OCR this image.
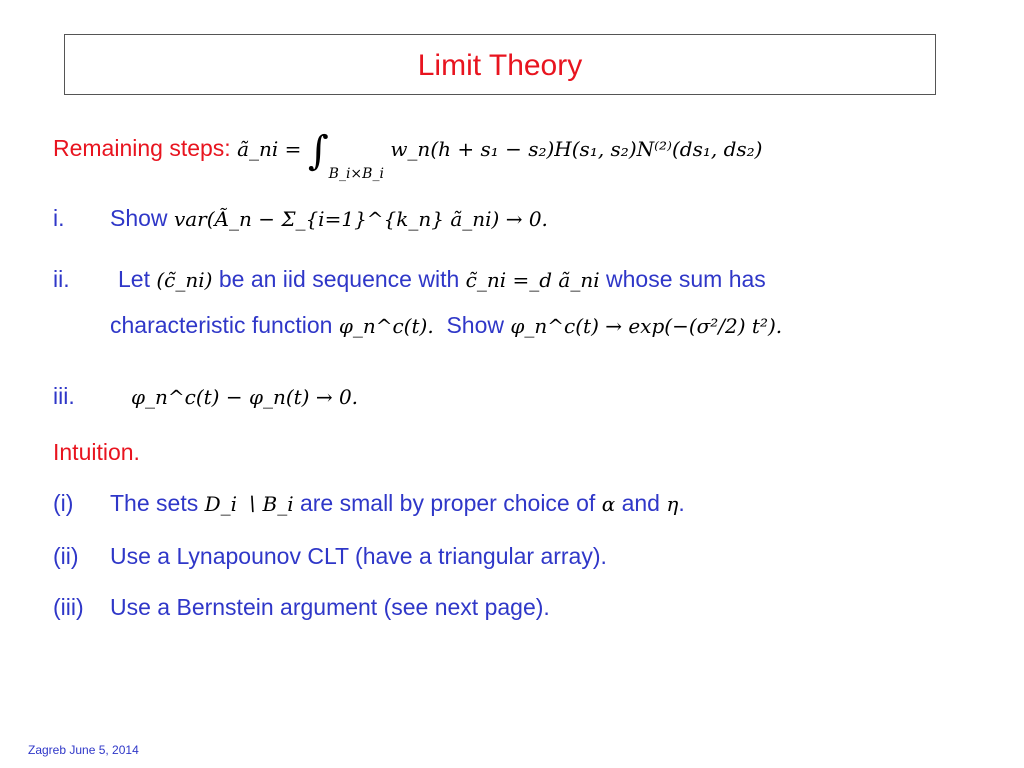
Limit Theory
Remaining steps: ã_ni = $\int_{B\_i\times B\_i}$ w_n(h + s₁ − s₂)H(s₁, s₂)N⁽²⁾(ds₁, ds₂)
i. Show var(Ã_n − Σ_{i=1}^{k_n} ã_ni) → 0.
ii. Let (c̃_ni) be an iid sequence with c̃_ni =_d ã_ni whose sum has
characteristic function φ_n^c(t). Show φ_n^c(t) → exp(−(σ²/2) t²).
iii.	φ_n^c(t) − φ_n(t) → 0.
Intuition.
(i) The sets D_i ∖ B_i are small by proper choice of α and η.
(ii) Use a Lynapounov CLT (have a triangular array).
(iii) Use a Bernstein argument (see next page).
Zagreb June 5, 2014
